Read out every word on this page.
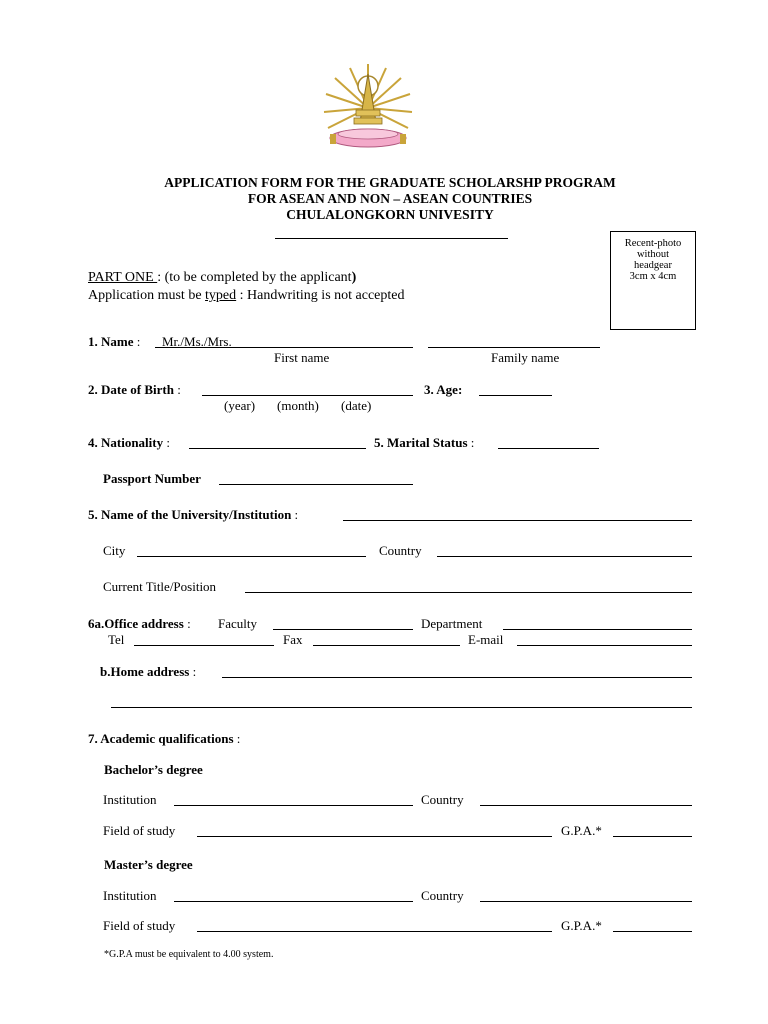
APPLICATION FORM FOR THE GRADUATE SCHOLARSHP PROGRAM
FOR ASEAN AND NON – ASEAN COUNTRIES
CHULALONGKORN UNIVESITY
Recent-photo
without
headgear
3cm x 4cm
PART ONE : (to be completed by the applicant)
Application must be typed : Handwriting is not accepted
1. Name : Mr./Ms./Mrs.
First name	Family name
2. Date of Birth :
(year) (month) (date)
3. Age:
4. Nationality :	5. Marital Status :
Passport Number
5. Name of the University/Institution :
City	Country
Current Title/Position
6a.Office address : Faculty	Department
Tel	Fax	E-mail
b.Home address :
7. Academic qualifications :
Bachelor’s degree
Institution	Country
Field of study	G.P.A.*
Master’s degree
Institution	Country
Field of study	G.P.A.*
*G.P.A must be equivalent to 4.00 system.
